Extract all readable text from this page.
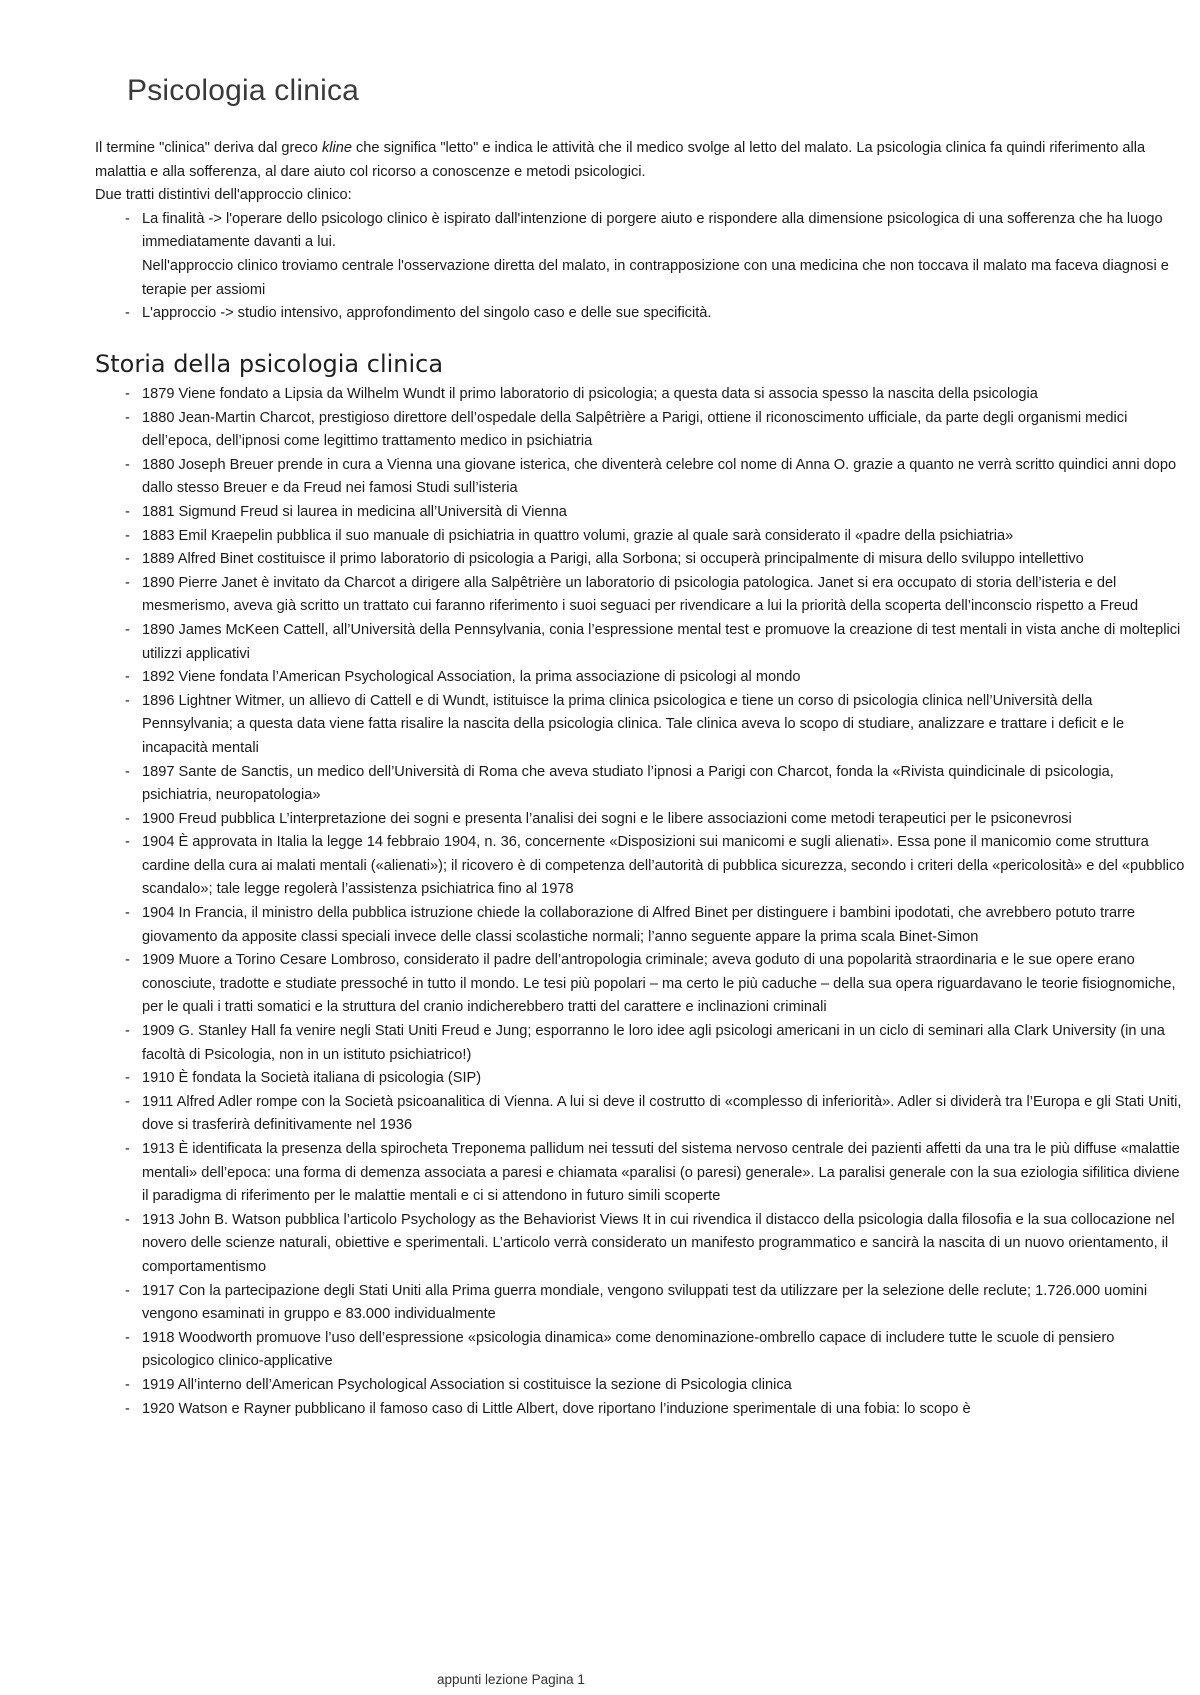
Psicologia clinica

Il termine "clinica" deriva dal greco kline che significa "letto" e indica le attività che il medico svolge al letto del malato. La psicologia clinica fa quindi riferimento alla malattia e alla sofferenza, al dare aiuto col ricorso a conoscenze e metodi psicologici.

Due tratti distintivi dell'approccio clinico:

- La finalità -> l'operare dello psicologo clinico è ispirato dall'intenzione di porgere aiuto e rispondere alla dimensione psicologica di una sofferenza che ha luogo immediatamente davanti a lui.
Nell'approccio clinico troviamo centrale l'osservazione diretta del malato, in contrapposizione con una medicina che non toccava il malato ma faceva diagnosi e terapie per assiomi
- L'approccio -> studio intensivo, approfondimento del singolo caso e delle sue specificità.
Storia della psicologia clinica
- 1879 Viene fondato a Lipsia da Wilhelm Wundt il primo laboratorio di psicologia; a questa data si associa spesso la nascita della psicologia
- 1880 Jean-Martin Charcot, prestigioso direttore dell’ospedale della Salpêtrière a Parigi, ottiene il riconoscimento ufficiale, da parte degli organismi medici dell’epoca, dell’ipnosi come legittimo trattamento medico in psichiatria
- 1880 Joseph Breuer prende in cura a Vienna una giovane isterica, che diventerà celebre col nome di Anna O. grazie a quanto ne verrà scritto quindici anni dopo dallo stesso Breuer e da Freud nei famosi Studi sull’isteria
- 1881 Sigmund Freud si laurea in medicina all’Università di Vienna
- 1883 Emil Kraepelin pubblica il suo manuale di psichiatria in quattro volumi, grazie al quale sarà considerato il «padre della psichiatria»
- 1889 Alfred Binet costituisce il primo laboratorio di psicologia a Parigi, alla Sorbona; si occuperà principalmente di misura dello sviluppo intellettivo
- 1890 Pierre Janet è invitato da Charcot a dirigere alla Salpêtrière un laboratorio di psicologia patologica. Janet si era occupato di storia dell’isteria e del mesmerismo, aveva già scritto un trattato cui faranno riferimento i suoi seguaci per rivendicare a lui la priorità della scoperta dell’inconscio rispetto a Freud
- 1890 James McKeen Cattell, all’Università della Pennsylvania, conia l’espressione mental test e promuove la creazione di test mentali in vista anche di molteplici utilizzi applicativi
- 1892 Viene fondata l’American Psychological Association, la prima associazione di psicologi al mondo
- 1896 Lightner Witmer, un allievo di Cattell e di Wundt, istituisce la prima clinica psicologica e tiene un corso di psicologia clinica nell’Università della Pennsylvania; a questa data viene fatta risalire la nascita della psicologia clinica. Tale clinica aveva lo scopo di studiare, analizzare e trattare i deficit e le incapacità mentali
- 1897 Sante de Sanctis, un medico dell’Università di Roma che aveva studiato l’ipnosi a Parigi con Charcot, fonda la «Rivista quindicinale di psicologia, psichiatria, neuropatologia»
- 1900 Freud pubblica L’interpretazione dei sogni e presenta l’analisi dei sogni e le libere associazioni come metodi terapeutici per le psiconevrosi
- 1904 È approvata in Italia la legge 14 febbraio 1904, n. 36, concernente «Disposizioni sui manicomi e sugli alienati». Essa pone il manicomio come struttura cardine della cura ai malati mentali («alienati»); il ricovero è di competenza dell’autorità di pubblica sicurezza, secondo i criteri della «pericolosità» e del «pubblico scandalo»; tale legge regolerà l’assistenza psichiatrica fino al 1978
- 1904 In Francia, il ministro della pubblica istruzione chiede la collaborazione di Alfred Binet per distinguere i bambini ipodotati, che avrebbero potuto trarre giovamento da apposite classi speciali invece delle classi scolastiche normali; l’anno seguente appare la prima scala Binet-Simon
- 1909 Muore a Torino Cesare Lombroso, considerato il padre dell’antropologia criminale; aveva goduto di una popolarità straordinaria e le sue opere erano conosciute, tradotte e studiate pressoché in tutto il mondo. Le tesi più popolari – ma certo le più caduche – della sua opera riguardavano le teorie fisiognomiche, per le quali i tratti somatici e la struttura del cranio indicherebbero tratti del carattere e inclinazioni criminali
- 1909 G. Stanley Hall fa venire negli Stati Uniti Freud e Jung; esporranno le loro idee agli psicologi americani in un ciclo di seminari alla Clark University (in una facoltà di Psicologia, non in un istituto psichiatrico!)
- 1910 È fondata la Società italiana di psicologia (SIP)
- 1911 Alfred Adler rompe con la Società psicoanalitica di Vienna. A lui si deve il costrutto di «complesso di inferiorità». Adler si dividerà tra l’Europa e gli Stati Uniti, dove si trasferirà definitivamente nel 1936
- 1913 È identificata la presenza della spirocheta Treponema pallidum nei tessuti del sistema nervoso centrale dei pazienti affetti da una tra le più diffuse «malattie mentali» dell’epoca: una forma di demenza associata a paresi e chiamata «paralisi (o paresi) generale». La paralisi generale con la sua eziologia sifilitica diviene il paradigma di riferimento per le malattie mentali e ci si attendono in futuro simili scoperte
- 1913 John B. Watson pubblica l’articolo Psychology as the Behaviorist Views It in cui rivendica il distacco della psicologia dalla filosofia e la sua collocazione nel novero delle scienze naturali, obiettive e sperimentali. L’articolo verrà considerato un manifesto programmatico e sancirà la nascita di un nuovo orientamento, il comportamentismo
- 1917 Con la partecipazione degli Stati Uniti alla Prima guerra mondiale, vengono sviluppati test da utilizzare per la selezione delle reclute; 1.726.000 uomini vengono esaminati in gruppo e 83.000 individualmente
- 1918 Woodworth promuove l’uso dell’espressione «psicologia dinamica» come denominazione-ombrello capace di includere tutte le scuole di pensiero psicologico clinico-applicative
- 1919 All’interno dell’American Psychological Association si costituisce la sezione di Psicologia clinica
- 1920 Watson e Rayner pubblicano il famoso caso di Little Albert, dove riportano l’induzione sperimentale di una fobia: lo scopo è
appunti lezione Pagina 1
